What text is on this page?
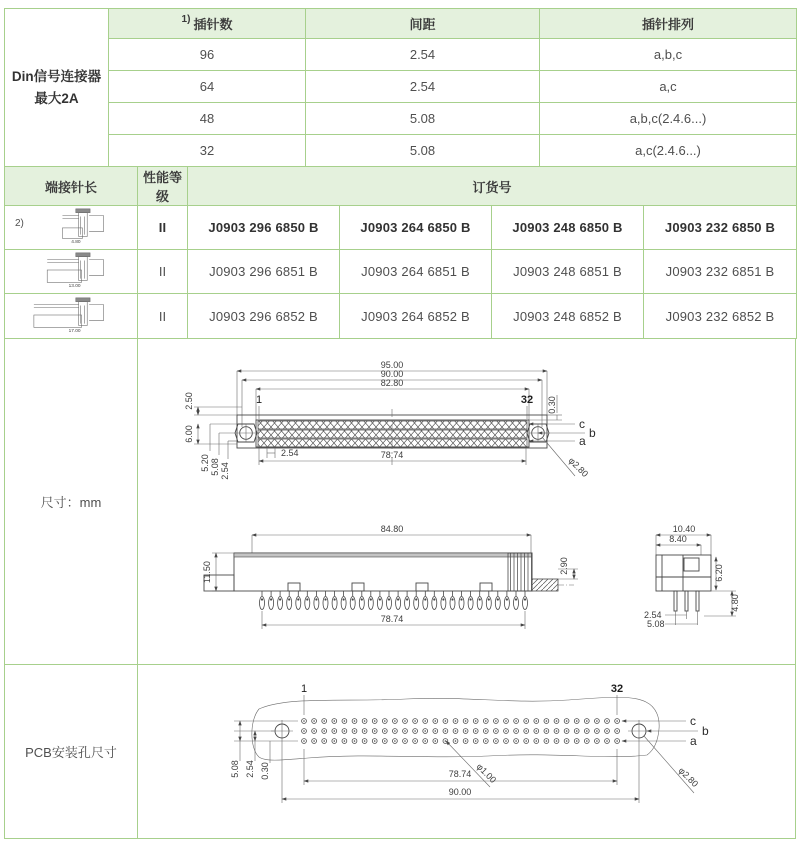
Din信号连接器
最大2A	$^{1)}$ 插针数	间距	插针排列
	96	2.54	a,b,c
	64	2.54	a,c
	48	5.08	a,b,c(2.4.6...)
	32	5.08	a,c(2.4.6...)
端接针长	性能等级	订货号			

2)
4.80	II	J0903 296 6850 B	J0903 264 6850 B	J0903 248 6850 B	J0903 232 6850 B

13.00	II	J0903 296 6851 B	J0903 264 6851 B	J0903 248 6851 B	J0903 232 6851 B

17.00	II	J0903 296 6852 B	J0903 264 6852 B	J0903 248 6852 B	J0903 232 6852 B
尺寸：mm
95.00
90.00
82.80
1	32
c
b
a
0.30
2.50
6.00
5.20 5.08 2.54
2.54	78.74
φ2.80
84.80
11.50	2.90
78.74
10.40
8.40
6.20
4.80
2.54
5.08
PCB安装孔尺寸
1	32
5.08 2.54 0.30	φ1.00
c
b
a
φ2.80
78.74
90.00
